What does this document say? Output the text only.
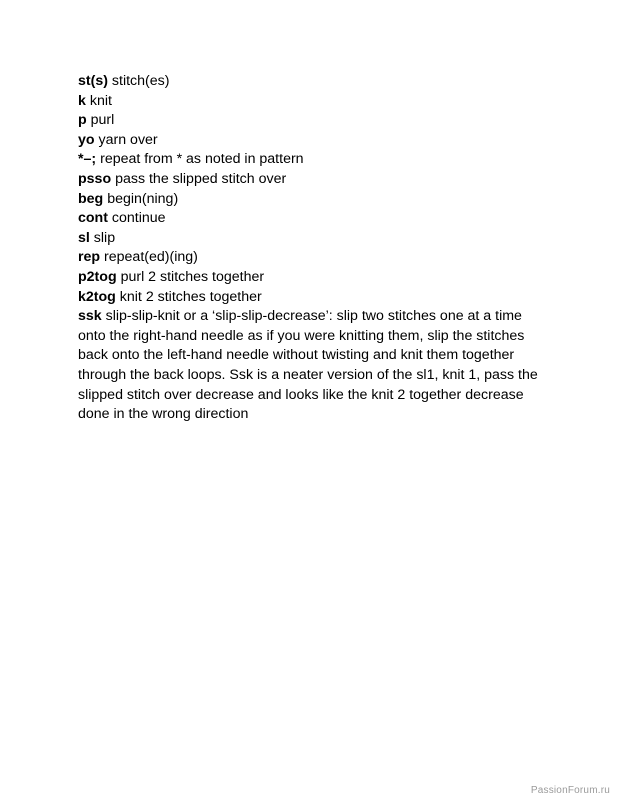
st(s) stitch(es)

k knit

p purl

yo yarn over

*–; repeat from * as noted in pattern

psso pass the slipped stitch over

beg begin(ning)

cont continue

sl slip

rep repeat(ed)(ing)

p2tog purl 2 stitches together

k2tog knit 2 stitches together

ssk slip-slip-knit or a ‘slip-slip-decrease’: slip two stitches one at a time onto the right-hand needle as if you were knitting them, slip the stitches back onto the left-hand needle without twisting and knit them together through the back loops. Ssk is a neater version of the sl1, knit 1, pass the slipped stitch over decrease and looks like the knit 2 together decrease done in the wrong direction

PassionForum.ru
